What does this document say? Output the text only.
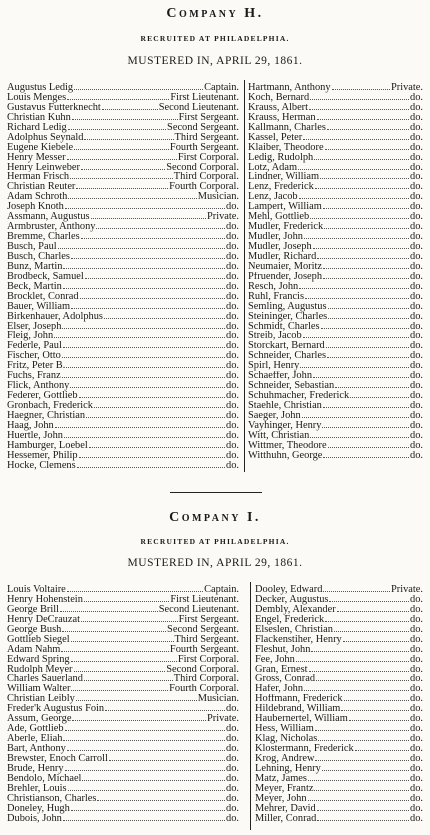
Company H.
RECRUITED AT PHILADELPHIA.
MUSTERED IN, APRIL 29, 1861.
Augustus Ledig	Captain.
Louis Menges	First Lieutenant.
Gustavus Futterknecht	Second Lieutenant.
Christian Kuhn	First Sergeant.
Richard Ledig	Second Sergeant.
Adolphus Seynald	Third Sergeant.
Eugene Kiebele	Fourth Sergeant.
Henry Messer	First Corporal.
Henry Leinweber	Second Corporal.
Herman Frisch	Third Corporal.
Christian Reuter	Fourth Corporal.
Adam Schroth	Musician.
Joseph Knoth	do.
Assmann, Augustus	Private.
Armbruster, Anthony	do.
Bremme, Charles	do.
Busch, Paul	do.
Busch, Charles	do.
Bunz, Martin	do.
Brodbeck, Samuel	do.
Beck, Martin	do.
Brocklet, Conrad	do.
Bauer, William	do.
Birkenhauer, Adolphus	do.
Elser, Joseph	do.
Fleig, John	do.
Federle, Paul	do.
Fischer, Otto	do.
Fritz, Peter B.	do.
Fuchs, Franz	do.
Flick, Anthony	do.
Federer, Gottlieb	do.
Gronbach, Frederick	do.
Haegner, Christian	do.
Haag, John	do.
Huertle, John	do.
Hamburger, Loebel	do.
Hessemer, Philip	do.
Hocke, Clemens	do.
Hartmann, Anthony	Private.
Koch, Bernard	do.
Krauss, Albert	do.
Krauss, Herman	do.
Kallmann, Charles	do.
Kassel, Peter	do.
Klaiber, Theodore	do.
Ledig, Rudolph	do.
Lotz, Adam	do.
Lindner, William	do.
Lenz, Frederick	do.
Lenz, Jacob	do.
Lampert, William	do.
Mehl, Gottlieb	do.
Mudler, Frederick	do.
Mudler, John	do.
Mudler, Joseph	do.
Mudler, Richard	do.
Neumaier, Moritz	do.
Pfruender, Joseph	do.
Resch, John	do.
Ruhl, Francis	do.
Semling, Augustus	do.
Steininger, Charles	do.
Schmidt, Charles	do.
Streib, Jacob	do.
Storckart, Bernard	do.
Schneider, Charles	do.
Spirl, Henry	do.
Schaeffer, John	do.
Schneider, Sebastian	do.
Schuhmacher, Frederick	do.
Staehle, Christian	do.
Saeger, John	do.
Vayhinger, Henry	do.
Witt, Christian	do.
Wittmer, Theodore	do.
Witthuhn, George	do.
Company I.
RECRUITED AT PHILADELPHIA.
MUSTERED IN, APRIL 29, 1861.
Louis Voltaire	Captain.
Henry Hohenstein	First Lieutenant.
George Brill	Second Lieutenant.
Henry DeCrauzat	First Sergeant.
George Bush	Second Sergeant.
Gottlieb Siegel	Third Sergeant.
Adam Nahm	Fourth Sergeant.
Edward Spring	First Corporal.
Rudolph Meyer	Second Corporal.
Charles Sauerland	Third Corporal.
William Walter	Fourth Corporal.
Christian Leibly	Musician.
Freder'k Augustus Foin	do.
Assum, George	Private.
Ade, Gottlieb	do.
Aberle, Eliah	do.
Bart, Anthony	do.
Brewster, Enoch Carroll	do.
Brude, Henry	do.
Bendolo, Michael	do.
Brehler, Louis	do.
Christianson, Charles	do.
Doneley, Hugh	do.
Dubois, John	do.
Dooley, Edward	Private.
Decker, Augustus	do.
Dembly, Alexander	do.
Engel, Frederick	do.
Elseslen, Christian	do.
Flackenstiher, Henry	do.
Fleshut, John	do.
Fee, John	do.
Gran, Ernest	do.
Gross, Conrad	do.
Hafer, John	do.
Hoffmann, Frederick	do.
Hildebrand, William	do.
Haubernertel, William	do.
Hess, William	do.
Klag, Nicholas	do.
Klostermann, Frederick	do.
Krog, Andrew	do.
Lehning, Henry	do.
Matz, James	do.
Meyer, Frantz	do.
Meyer, John	do.
Mehrer, David	do.
Miller, Conrad	do.
